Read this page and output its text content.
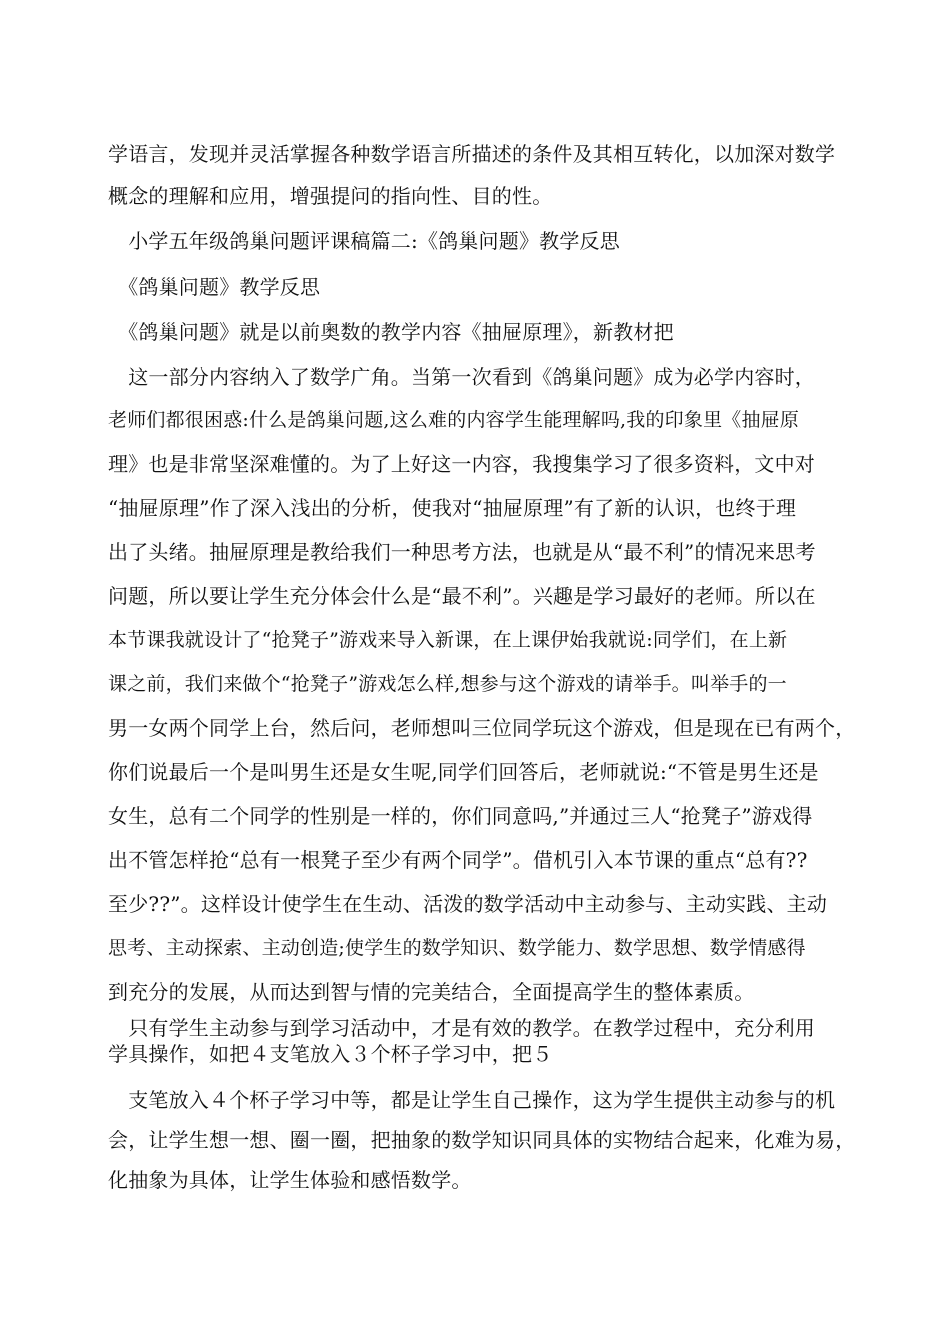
学语言，发现并灵活掌握各种数学语言所描述的条件及其相互转化，以加深对数学
概念的理解和应用，增强提问的指向性、目的性。
　小学五年级鸽巢问题评课稿篇二:《鸽巢问题》教学反思
　《鸽巢问题》教学反思
　《鸽巢问题》就是以前奥数的教学内容《抽屉原理》，新教材把
　这一部分内容纳入了数学广角。当第一次看到《鸽巢问题》成为必学内容时，
老师们都很困惑:什么是鸽巢问题,这么难的内容学生能理解吗,我的印象里《抽屉原
理》也是非常坚深难懂的。为了上好这一内容，我搜集学习了很多资料，文中对
“抽屉原理”作了深入浅出的分析，使我对“抽屉原理”有了新的认识，也终于理
出了头绪。抽屉原理是教给我们一种思考方法，也就是从“最不利”的情况来思考
问题，所以要让学生充分体会什么是“最不利”。兴趣是学习最好的老师。所以在
本节课我就设计了“抢凳子”游戏来导入新课，在上课伊始我就说:同学们，在上新
课之前，我们来做个“抢凳子”游戏怎么样,想参与这个游戏的请举手。叫举手的一
男一女两个同学上台，然后问，老师想叫三位同学玩这个游戏，但是现在已有两个，
你们说最后一个是叫男生还是女生呢,同学们回答后，老师就说:“不管是男生还是
女生，总有二个同学的性别是一样的，你们同意吗,”并通过三人“抢凳子”游戏得
出不管怎样抢“总有一根凳子至少有两个同学”。借机引入本节课的重点“总有??
至少??”。这样设计使学生在生动、活泼的数学活动中主动参与、主动实践、主动
思考、主动探索、主动创造;使学生的数学知识、数学能力、数学思想、数学情感得
到充分的发展，从而达到智与情的完美结合，全面提高学生的整体素质。
　只有学生主动参与到学习活动中，才是有效的教学。在教学过程中，充分利用
学具操作，如把４支笔放入３个杯子学习中，把５
　支笔放入４个杯子学习中等，都是让学生自己操作，这为学生提供主动参与的机
会，让学生想一想、圈一圈，把抽象的数学知识同具体的实物结合起来，化难为易，
化抽象为具体，让学生体验和感悟数学。
